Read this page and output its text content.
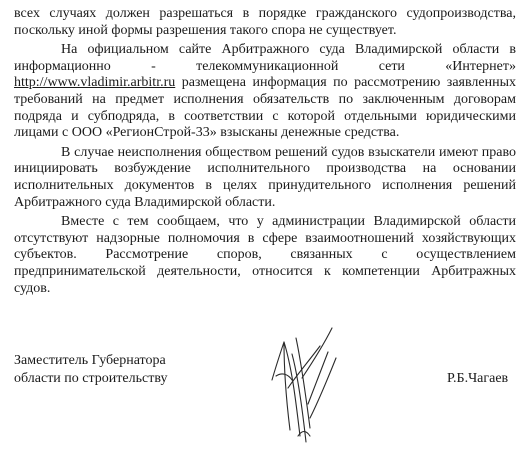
всех случаях должен разрешаться в порядке гражданского судопроизводства, поскольку иной формы разрешения такого спора не существует.

На официальном сайте Арбитражного суда Владимирской области в информационно - телекоммуникационной сети «Интернет» http://www.vladimir.arbitr.ru размещена информация по рассмотрению заявленных требований на предмет исполнения обязательств по заключенным договорам подряда и субподряда, в соответствии с которой отдельными юридическими лицами с ООО «РегионСтрой-33» взысканы денежные средства.

В случае неисполнения обществом решений судов взыскатели имеют право инициировать возбуждение исполнительного производства на основании исполнительных документов в целях принудительного исполнения решений Арбитражного суда Владимирской области.

Вместе с тем сообщаем, что у администрации Владимирской области отсутствуют надзорные полномочия в сфере взаимоотношений хозяйствующих субъектов. Рассмотрение споров, связанных с осуществлением предпринимательской деятельности, относится к компетенции Арбитражных судов.

Заместитель Губернатора
области по строительству	Р.Б.Чагаев
